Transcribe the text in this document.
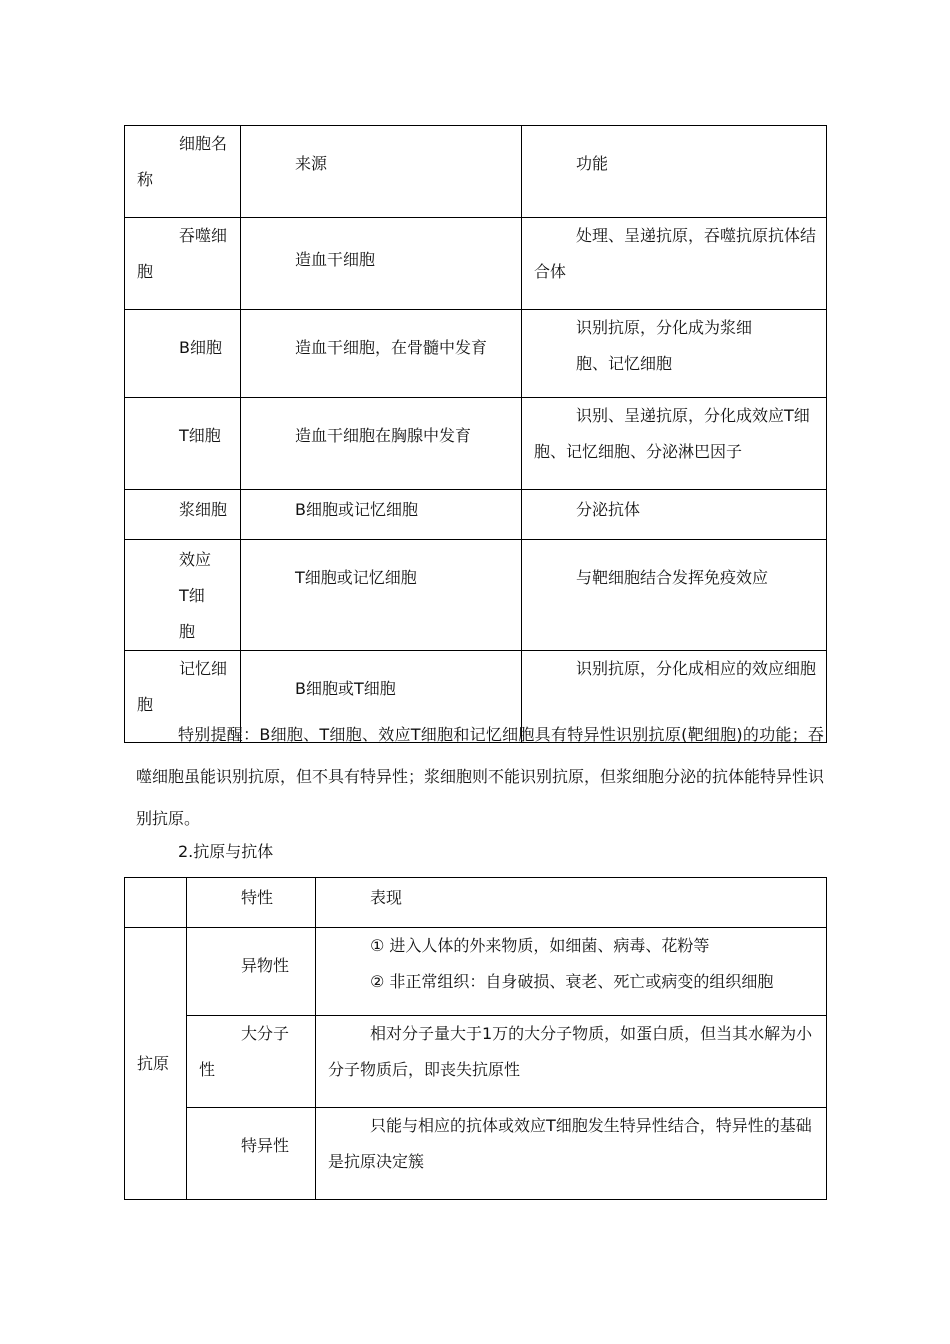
细胞名称	来源	功能
吞噬细胞	造血干细胞	处理、呈递抗原，吞噬抗原抗体结合体
B细胞	造血干细胞，在骨髓中发育	识别抗原，分化成为浆细胞、记忆细胞
T细胞	造血干细胞在胸腺中发育	识别、呈递抗原，分化成效应T细胞、记忆细胞、分泌淋巴因子
浆细胞	B细胞或记忆细胞	分泌抗体
效应T细胞	T细胞或记忆细胞	与靶细胞结合发挥免疫效应
记忆细胞	B细胞或T细胞	识别抗原，分化成相应的效应细胞
特别提醒：B细胞、T细胞、效应T细胞和记忆细胞具有特异性识别抗原(靶细胞)的功能；吞噬细胞虽能识别抗原，但不具有特异性；浆细胞则不能识别抗原，但浆细胞分泌的抗体能特异性识别抗原。
2.抗原与抗体
	特性	表现
抗原	异物性	① 进入人体的外来物质，如细菌、病毒、花粉等
② 非正常组织：自身破损、衰老、死亡或病变的组织细胞

	大分子性	相对分子量大于1万的大分子物质，如蛋白质，但当其水解为小分子物质后，即丧失抗原性
	特异性	只能与相应的抗体或效应T细胞发生特异性结合，特异性的基础是抗原决定簇
